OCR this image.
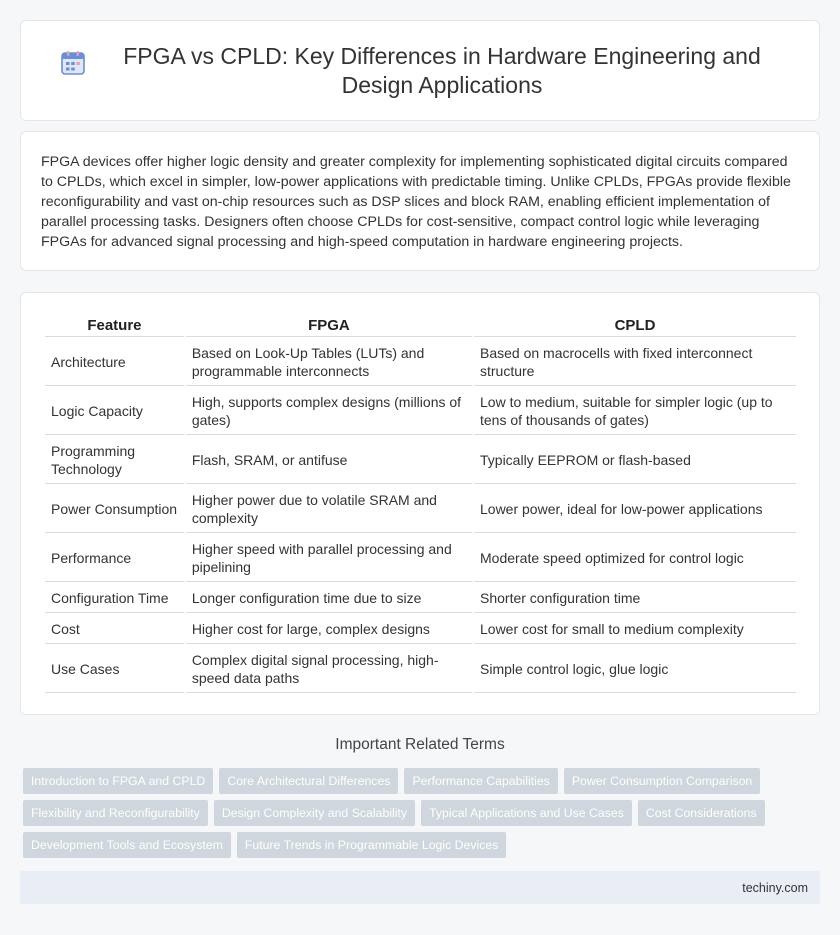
FPGA vs CPLD: Key Differences in Hardware Engineering and Design Applications

FPGA devices offer higher logic density and greater complexity for implementing sophisticated digital circuits compared to CPLDs, which excel in simpler, low-power applications with predictable timing. Unlike CPLDs, FPGAs provide flexible reconfigurability and vast on-chip resources such as DSP slices and block RAM, enabling efficient implementation of parallel processing tasks. Designers often choose CPLDs for cost-sensitive, compact control logic while leveraging FPGAs for advanced signal processing and high-speed computation in hardware engineering projects.

Feature	FPGA	CPLD
Architecture	Based on Look-Up Tables (LUTs) and programmable interconnects	Based on macrocells with fixed interconnect structure
Logic Capacity	High, supports complex designs (millions of gates)	Low to medium, suitable for simpler logic (up to tens of thousands of gates)
Programming Technology	Flash, SRAM, or antifuse	Typically EEPROM or flash-based
Power Consumption	Higher power due to volatile SRAM and complexity	Lower power, ideal for low-power applications
Performance	Higher speed with parallel processing and pipelining	Moderate speed optimized for control logic
Configuration Time	Longer configuration time due to size	Shorter configuration time
Cost	Higher cost for large, complex designs	Lower cost for small to medium complexity
Use Cases	Complex digital signal processing, high-speed data paths	Simple control logic, glue logic
Important Related Terms
Introduction to FPGA and CPLD	Core Architectural Differences	Performance Capabilities	Power Consumption Comparison
Flexibility and Reconfigurability	Design Complexity and Scalability	Typical Applications and Use Cases	Cost Considerations
Development Tools and Ecosystem	Future Trends in Programmable Logic Devices
techiny.com
